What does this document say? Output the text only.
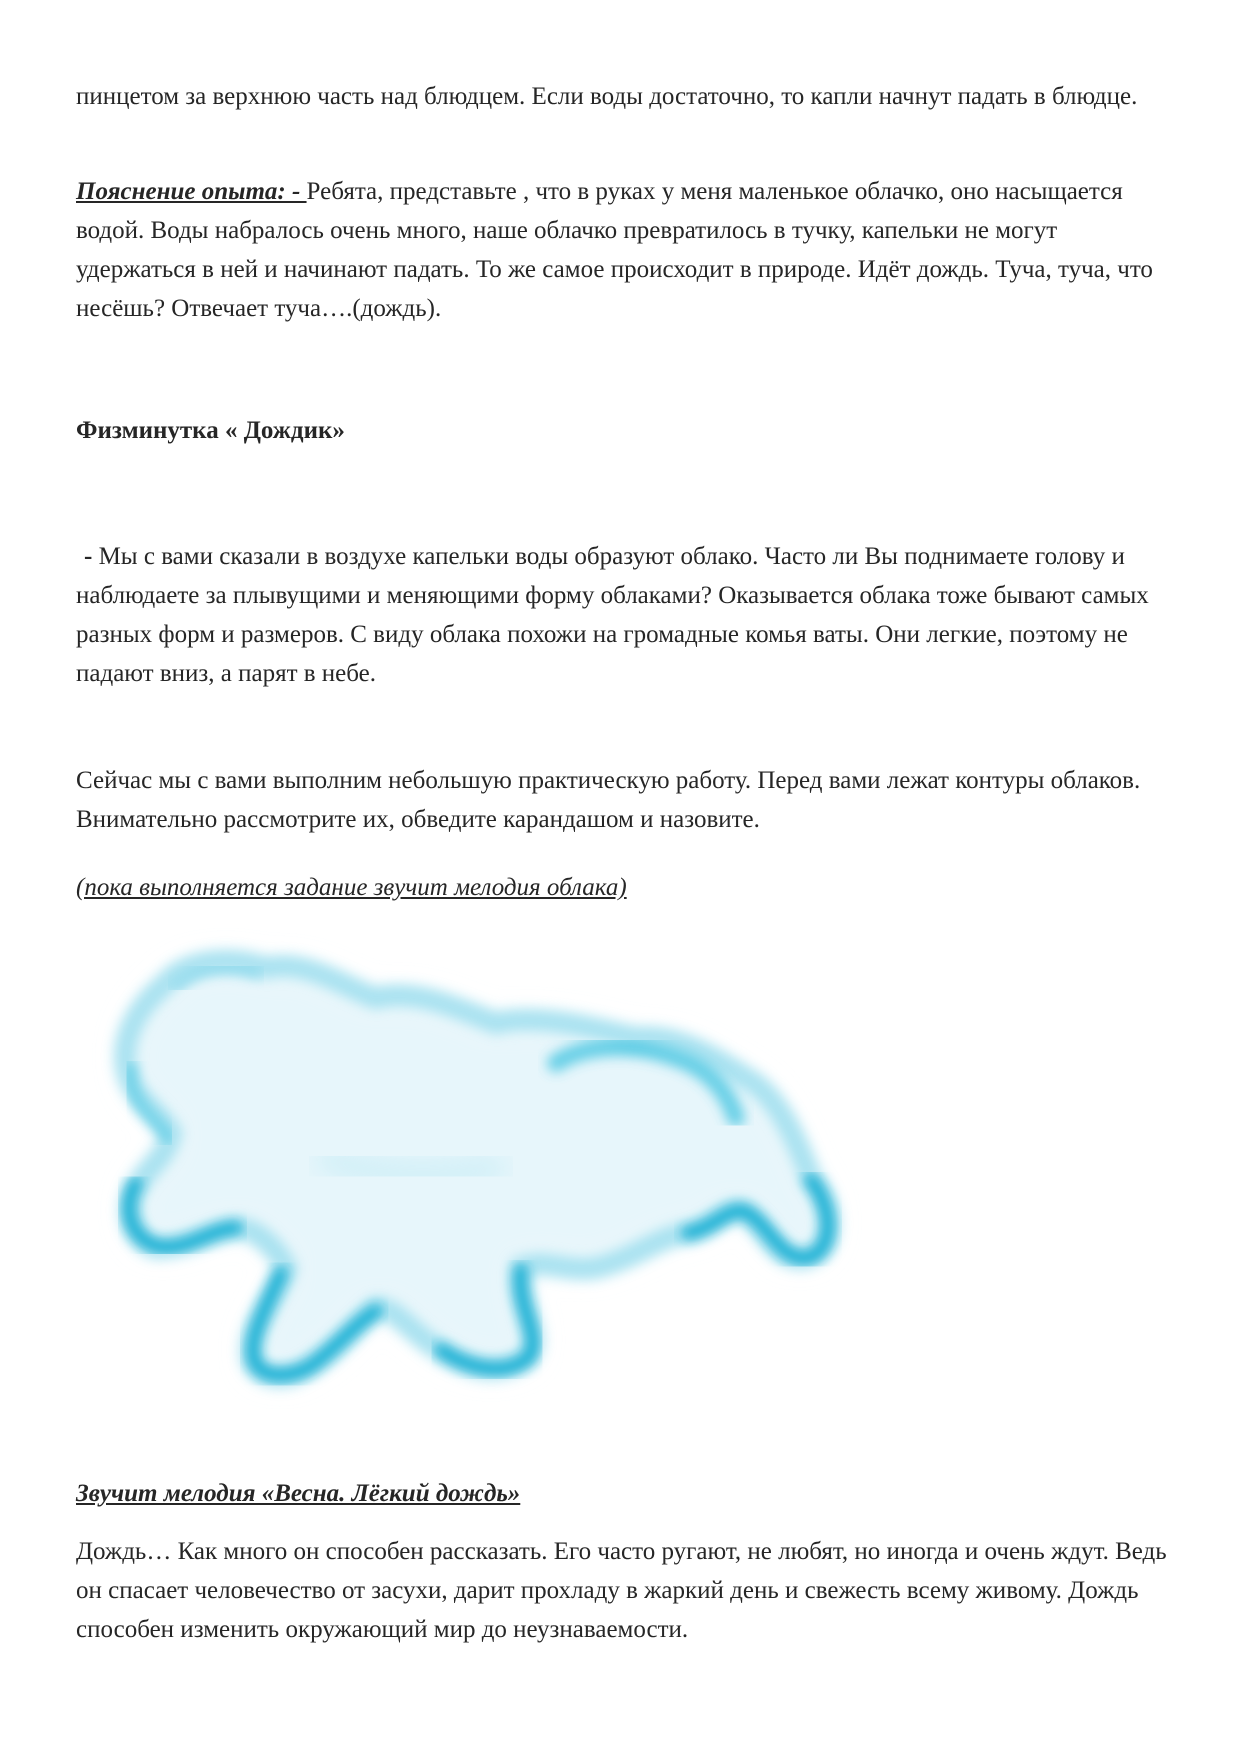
пинцетом за верхнюю часть над блюдцем. Если воды достаточно, то капли начнут падать в блюдце.

Пояснение опыта: - Ребята, представьте , что в руках у меня маленькое облачко, оно насыщается водой. Воды набралось очень много, наше облачко превратилось в тучку, капельки не могут удержаться в ней и начинают падать. То же самое происходит в природе. Идёт дождь. Туча, туча, что несёшь? Отвечает туча….(дождь).

Физминутка « Дождик»

- Мы с вами сказали в воздухе капельки воды образуют облако. Часто ли Вы поднимаете голову и наблюдаете за плывущими и меняющими форму облаками? Оказывается облака тоже бывают самых разных форм и размеров. С виду облака похожи на громадные комья ваты. Они легкие, поэтому не падают вниз, а парят в небе.

Сейчас мы с вами выполним небольшую практическую работу. Перед вами лежат контуры облаков. Внимательно рассмотрите их, обведите карандашом и назовите.

(пока выполняется задание звучит мелодия облака)

Звучит мелодия «Весна. Лёгкий дождь»

Дождь… Как много он способен рассказать. Его часто ругают, не любят, но иногда и очень ждут. Ведь он спасает человечество от засухи, дарит прохладу в жаркий день и свежесть всему живому. Дождь способен изменить окружающий мир до неузнаваемости.
